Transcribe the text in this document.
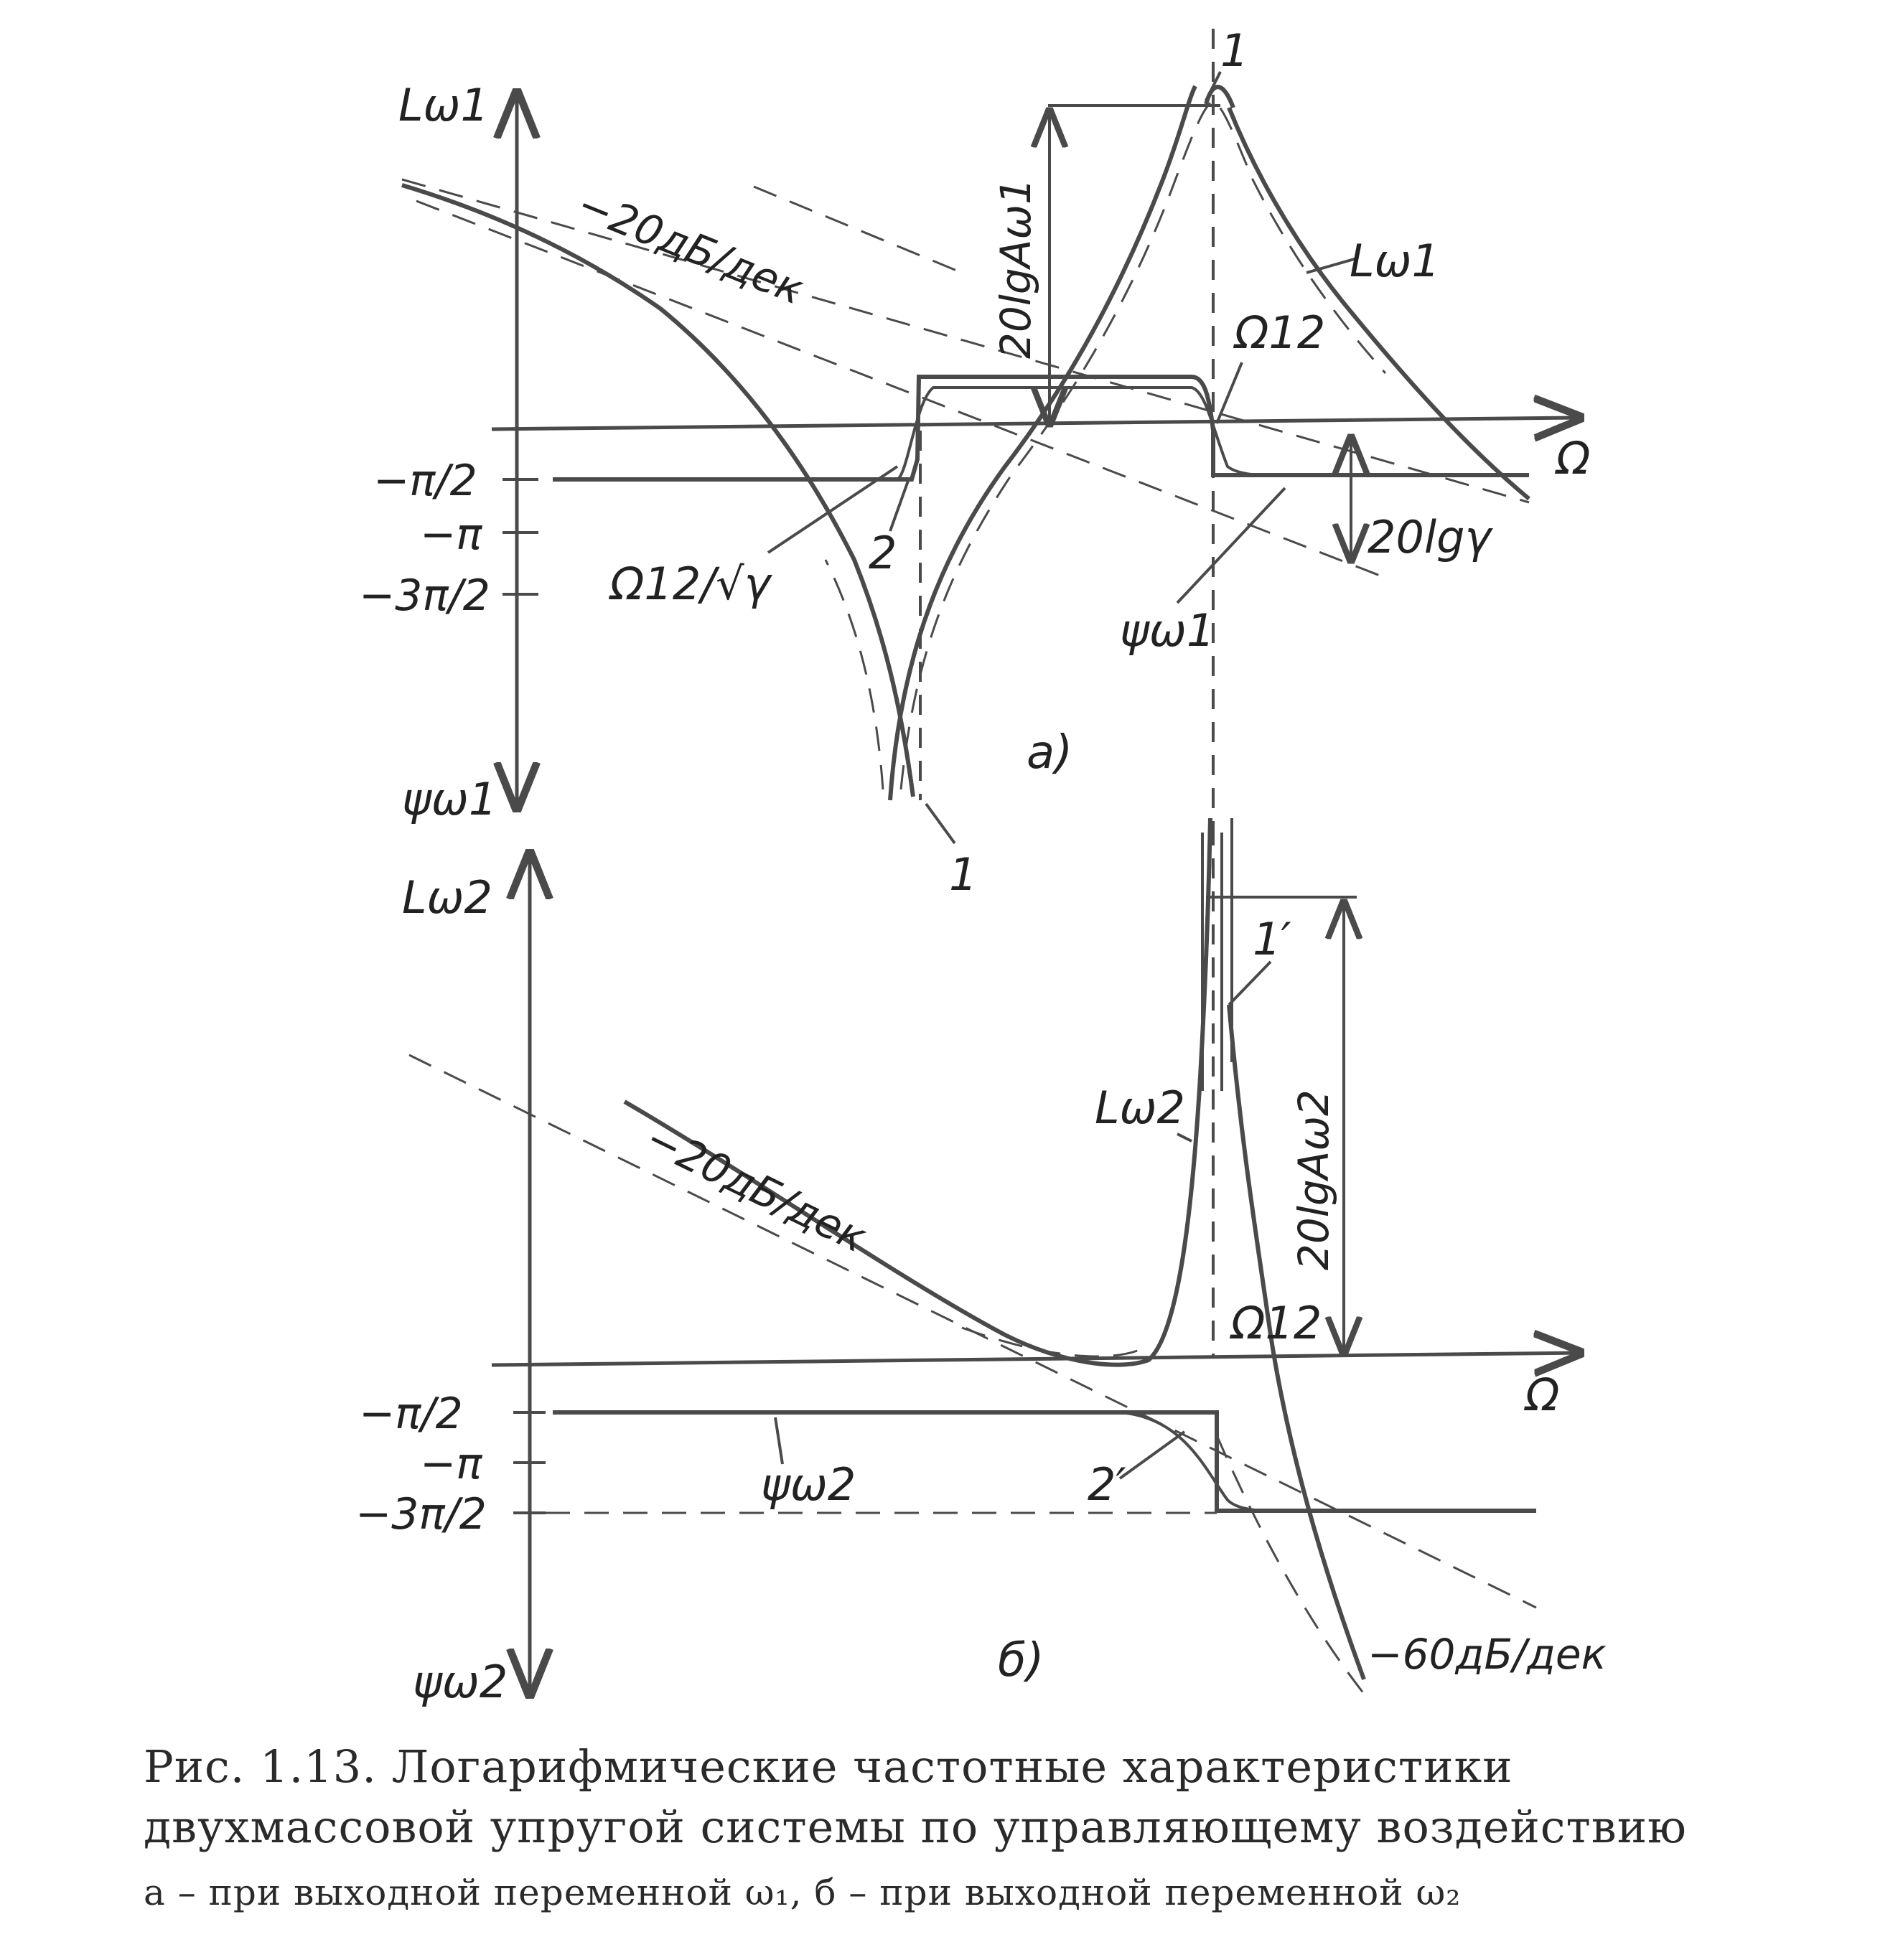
Lω1
ψω1
Ω
−π/2
−π
−3π/2
−20дБ/дек	20lgAω1	Lω1
Ω12
Ω12/√γ
20lgγ
ψω1
1
1
2
a)
Lω2
ψω2
Ω
−π/2
−π
−3π/2
−20дБ/дек
−60дБ/дек
20lgAω2
Lω2
Ω12
ψω2
1′
2′
б)
Рис. 1.13. Логарифмические частотные характеристики двухмассовой упругой системы по управляющему воздействию
а – при выходной переменной ω₁, б – при выходной переменной ω₂
